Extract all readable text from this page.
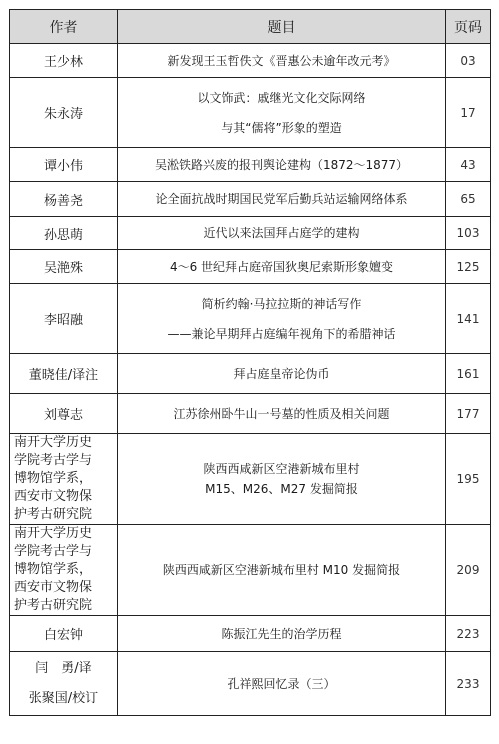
作者	题目	页码

王少林	新发现王玉哲佚文《晋惠公未逾年改元考》	03

朱永涛	以文饰武：戚继光文化交际网络
与其“儒将”形象的塑造	17

谭小伟	吴淞铁路兴废的报刊舆论建构（1872～1877）	43

杨善尧	论全面抗战时期国民党军后勤兵站运输网络体系	65

孙思萌	近代以来法国拜占庭学的建构	103

吴滟殊	4～6 世纪拜占庭帝国狄奥尼索斯形象嬗变	125

李昭融	简析约翰·马拉拉斯的神话写作
——兼论早期拜占庭编年视角下的希腊神话	141

董晓佳/译注	拜占庭皇帝论伪币	161

刘尊志	江苏徐州卧牛山一号墓的性质及相关问题	177

南开大学历史
学院考古学与
博物馆学系，
西安市文物保
护考古研究院	陕西西咸新区空港新城布里村
M15、M26、M27 发掘简报	195

南开大学历史
学院考古学与
博物馆学系，
西安市文物保
护考古研究院	陕西西咸新区空港新城布里村 M10 发掘简报	209

白宏钟	陈振江先生的治学历程	223

闫　勇/译
张聚国/校订	孔祥熙回忆录（三）	233
